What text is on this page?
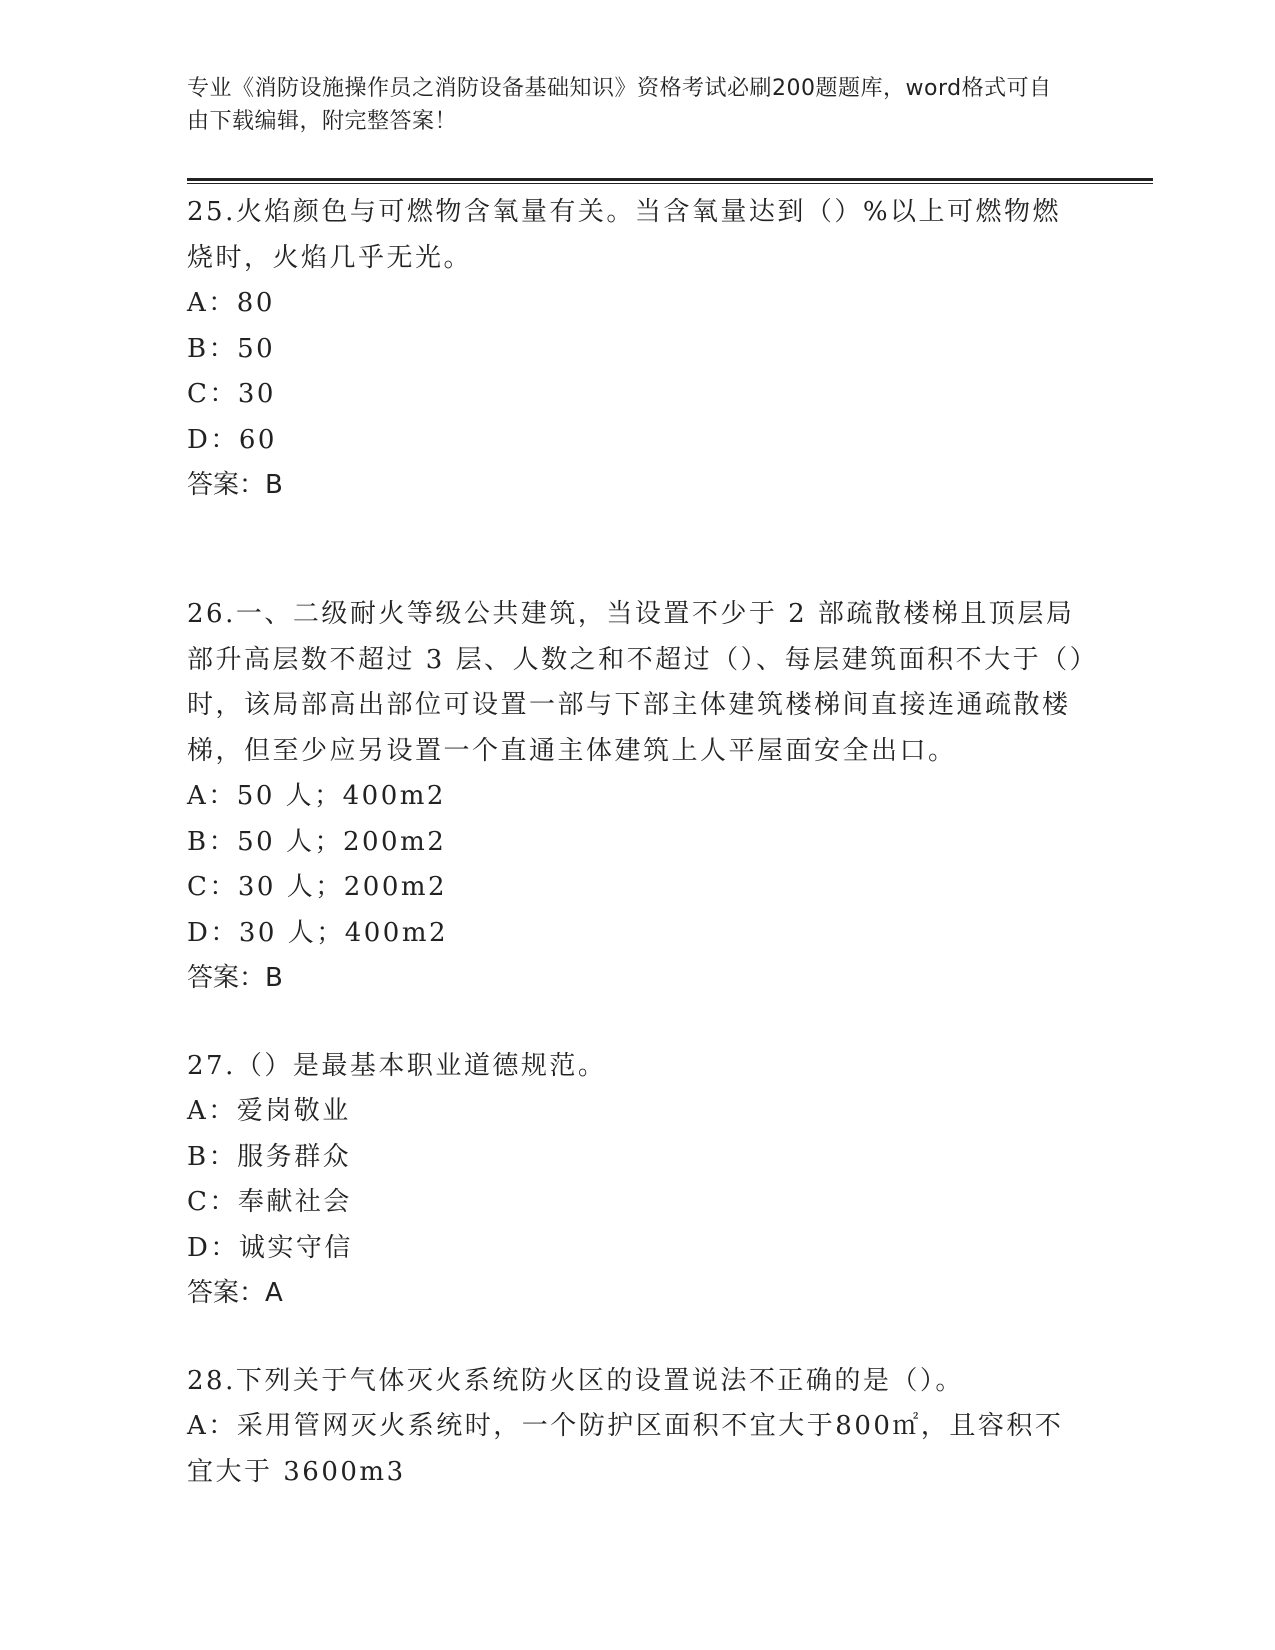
专业《消防设施操作员之消防设备基础知识》资格考试必刷200题题库，word格式可自由下载编辑，附完整答案！

25.火焰颜色与可燃物含氧量有关。当含氧量达到（）%以上可燃物燃烧时，火焰几乎无光。

A：80

B：50

C：30

D：60

答案：B

26.一、二级耐火等级公共建筑，当设置不少于 2 部疏散楼梯且顶层局部升高层数不超过 3 层、人数之和不超过（）、每层建筑面积不大于（）时，该局部高出部位可设置一部与下部主体建筑楼梯间直接连通疏散楼梯，但至少应另设置一个直通主体建筑上人平屋面安全出口。

A：50 人；400m2

B：50 人；200m2

C：30 人；200m2

D：30 人；400m2

答案：B

27.（）是最基本职业道德规范。

A：爱岗敬业

B：服务群众

C：奉献社会

D：诚实守信

答案：A

28.下列关于气体灭火系统防火区的设置说法不正确的是（）。

A：采用管网灭火系统时，一个防护区面积不宜大于800㎡，且容积不宜大于 3600m3
